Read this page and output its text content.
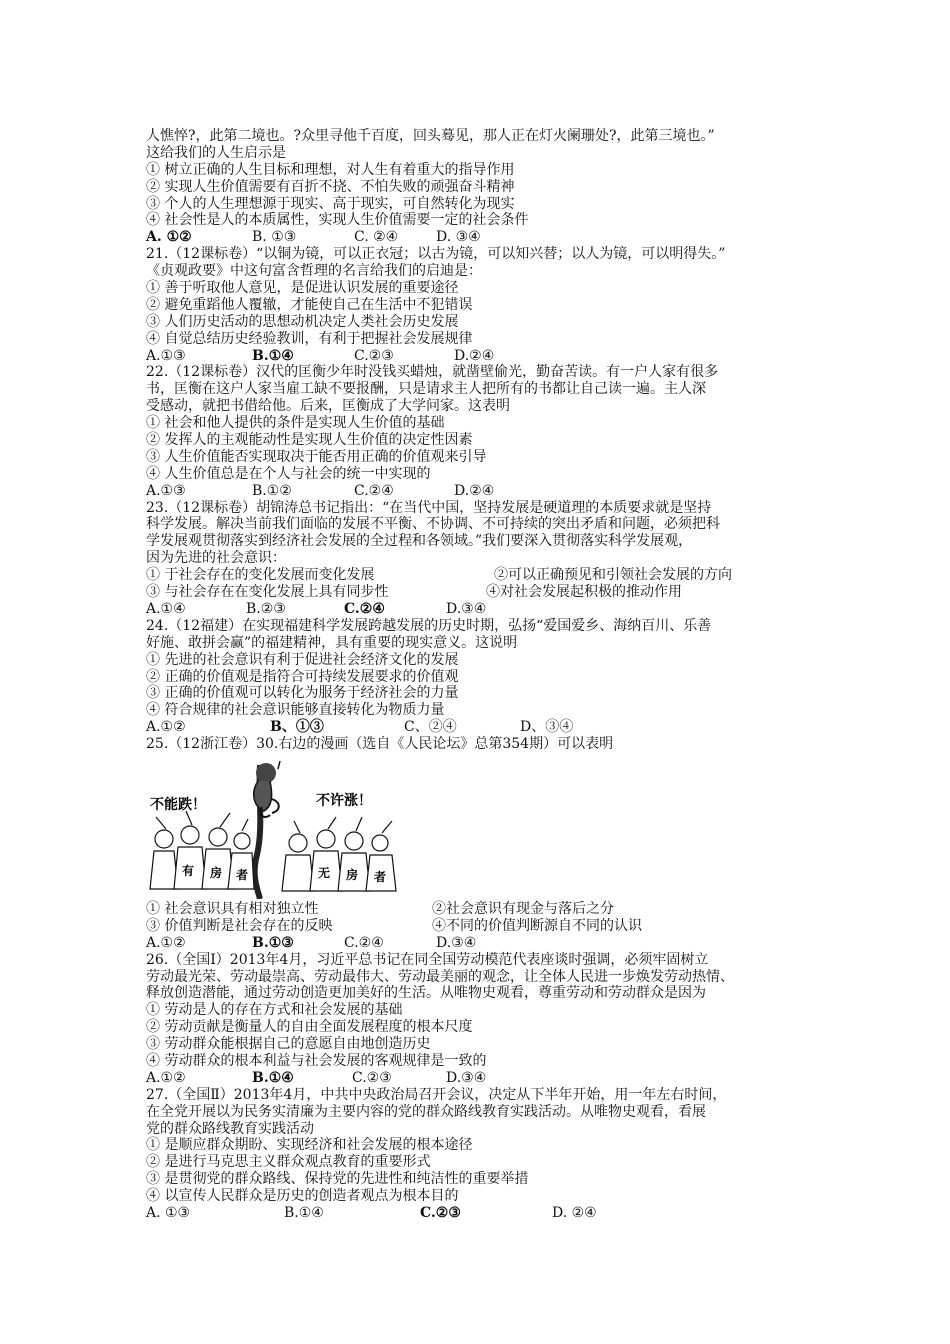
人憔悴?，此第二境也。?众里寻他千百度，回头蓦见，那人正在灯火阑珊处?，此第三境也。”
这给我们的人生启示是
① 树立正确的人生目标和理想，对人生有着重大的指导作用
② 实现人生价值需要有百折不挠、不怕失败的顽强奋斗精神
③ 个人的人生理想源于现实、高于现实，可自然转化为现实
④ 社会性是人的本质属性，实现人生价值需要一定的社会条件
A. ①②	B. ①③	C. ②④	D. ③④
21.（12课标卷）“以铜为镜，可以正衣冠；以古为镜，可以知兴替；以人为镜，可以明得失。”
《贞观政要》中这句富含哲理的名言给我们的启迪是：
① 善于听取他人意见，是促进认识发展的重要途径
② 避免重蹈他人覆辙，才能使自己在生活中不犯错误
③ 人们历史活动的思想动机决定人类社会历史发展
④ 自觉总结历史经验教训，有利于把握社会发展规律
A.①③	B.①④	C.②③	D.②④
22.（12课标卷）汉代的匡衡少年时没钱买蜡烛，就凿壁偷光，勤奋苦读。有一户人家有很多
书，匡衡在这户人家当雇工缺不要报酬，只是请求主人把所有的书都让自己读一遍。主人深
受感动，就把书借给他。后来，匡衡成了大学问家。这表明
① 社会和他人提供的条件是实现人生价值的基础
② 发挥人的主观能动性是实现人生价值的决定性因素
③ 人生价值能否实现取决于能否用正确的价值观来引导
④ 人生价值总是在个人与社会的统一中实现的
A.①③	B.①②	C.②④	D.②④
23.（12课标卷）胡锦涛总书记指出：“在当代中国，坚持发展是硬道理的本质要求就是坚持
科学发展。解决当前我们面临的发展不平衡、不协调、不可持续的突出矛盾和问题，必须把科
学发展观贯彻落实到经济社会发展的全过程和各领域。”我们要深入贯彻落实科学发展观，
因为先进的社会意识：
① 于社会存在的变化发展而变化发展	②可以正确预见和引领社会发展的方向
③ 与社会存在在变化发展上具有同步性	④对社会发展起积极的推动作用
A.①④	B.②③	C.②④	D.③④
24.（12福建）在实现福建科学发展跨越发展的历史时期，弘扬“爱国爱乡、海纳百川、乐善
好施、敢拼会赢”的福建精神，具有重要的现实意义。这说明
① 先进的社会意识有利于促进社会经济文化的发展
② 正确的价值观是指符合可持续发展要求的价值观
③ 正确的价值观可以转化为服务于经济社会的力量
④ 符合规律的社会意识能够直接转化为物质力量
A.①②	B、①③	C、②④	D、③④
25.（12浙江卷）30.右边的漫画（选自《人民论坛》总第354期）可以表明
不能跌！	不许涨！
有 房 者	无 房 者
① 社会意识具有相对独立性	②社会意识有现金与落后之分
③ 价值判断是社会存在的反映	④不同的价值判断源自不同的认识
A.①②	B.①③	C.②④	D.③④
26.（全国Ⅰ）2013年4月，习近平总书记在同全国劳动模范代表座谈时强调，必须牢固树立
劳动最光荣、劳动最崇高、劳动最伟大、劳动最美丽的观念，让全体人民进一步焕发劳动热情、
释放创造潜能，通过劳动创造更加美好的生活。从唯物史观看，尊重劳动和劳动群众是因为
① 劳动是人的存在方式和社会发展的基础
② 劳动贡献是衡量人的自由全面发展程度的根本尺度
③ 劳动群众能根据自己的意愿自由地创造历史
④ 劳动群众的根本利益与社会发展的客观规律是一致的
A.①②	B.①④	C.②③	D.③④
27.（全国Ⅱ）2013年4月，中共中央政治局召开会议，决定从下半年开始，用一年左右时间，
在全党开展以为民务实清廉为主要内容的党的群众路线教育实践活动。从唯物史观看，看展
党的群众路线教育实践活动
① 是顺应群众期盼、实现经济和社会发展的根本途径
② 是进行马克思主义群众观点教育的重要形式
③ 是贯彻党的群众路线、保持党的先进性和纯洁性的重要举措
④ 以宣传人民群众是历史的创造者观点为根本目的
A. ①③	B.①④	C.②③	D. ②④
